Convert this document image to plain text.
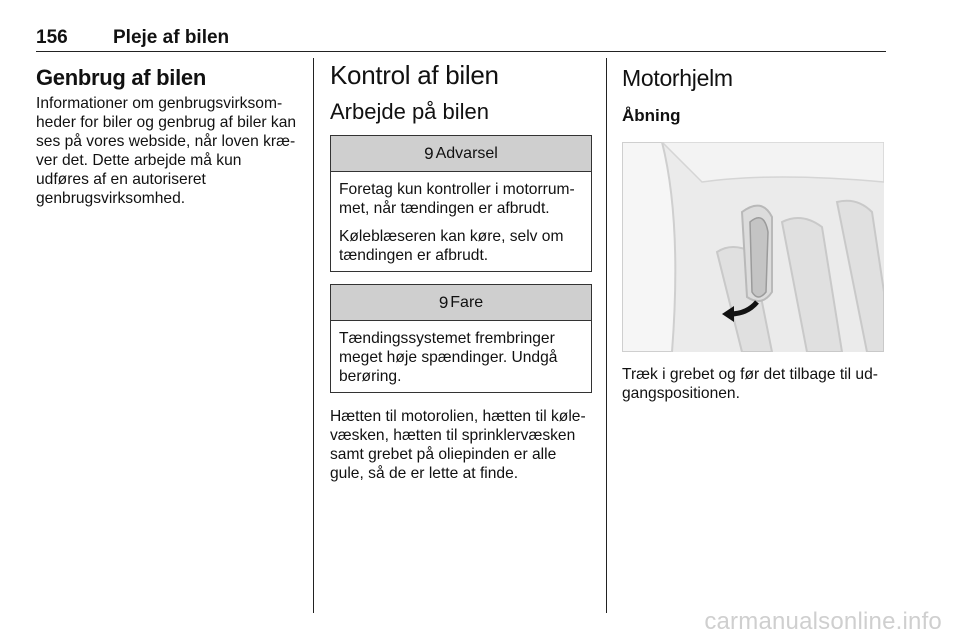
156 Pleje af bilen
Genbrug af bilen

Informationer om genbrugsvirksomheder for biler og genbrug af biler kan ses på vores webside, når loven kræver det. Dette arbejde må kun udføres af en autoriseret genbrugsvirksomhed.

Kontrol af bilen
Arbejde på bilen
9 Advarsel

Foretag kun kontroller i motorrummet, når tændingen er afbrudt.

Køleblæseren kan køre, selv om tændingen er afbrudt.

9 Fare

Tændingssystemet frembringer meget høje spændinger. Undgå berøring.

Hætten til motorolien, hætten til kølevæsken, hætten til sprinklervæsken samt grebet på oliepinden er alle gule, så de er lette at finde.

Motorhjelm
Åbning

Træk i grebet og før det tilbage til udgangspositionen.

carmanualsonline.info
